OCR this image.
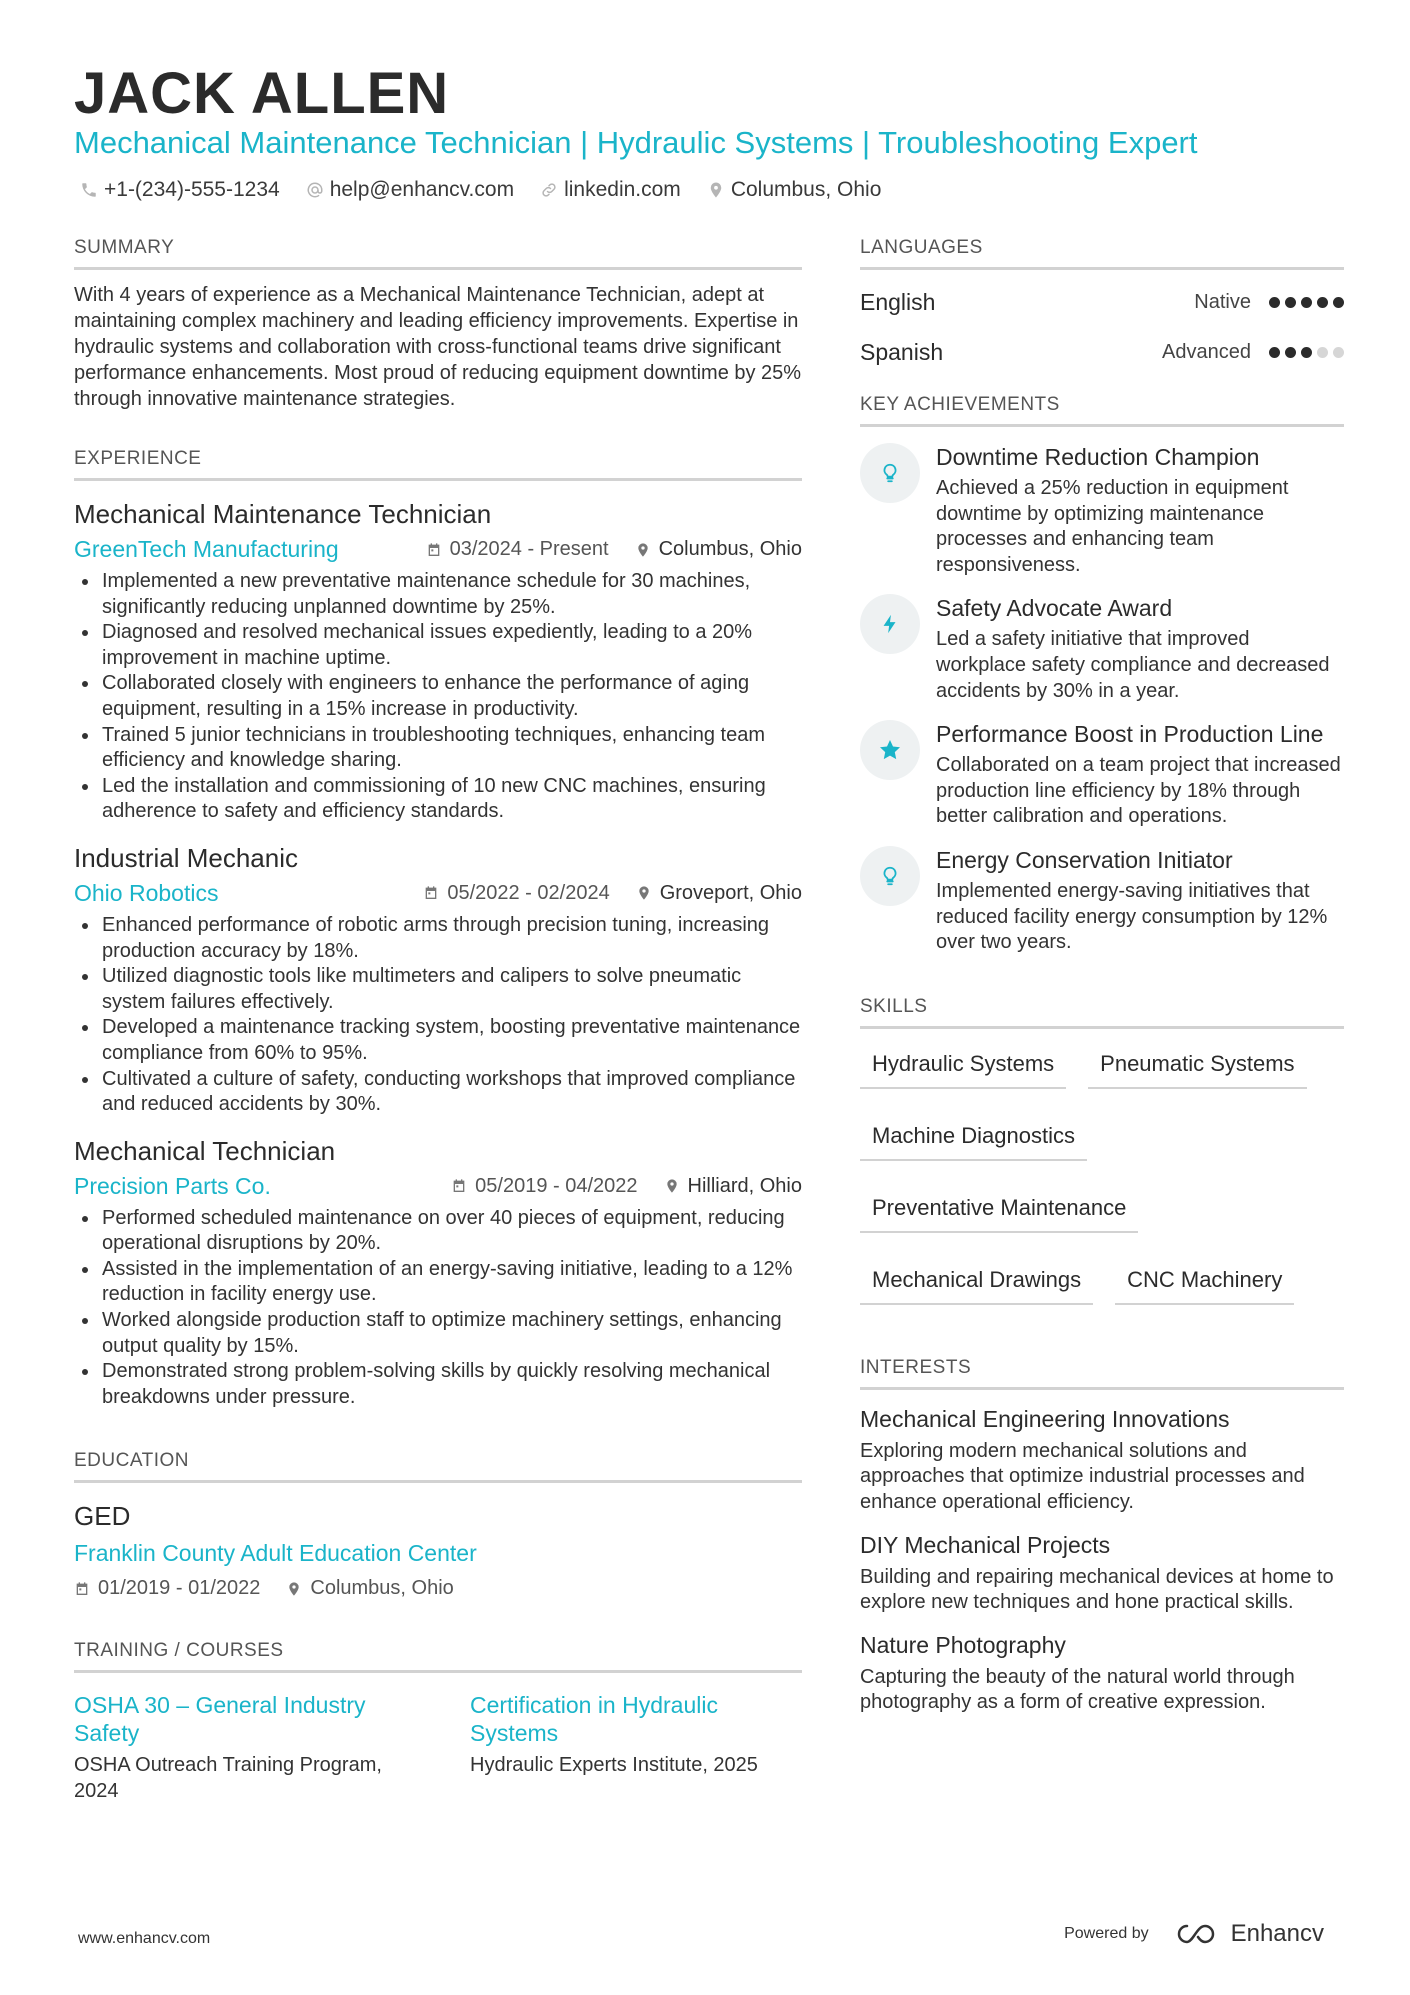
JACK ALLEN
Mechanical Maintenance Technician | Hydraulic Systems | Troubleshooting Expert
+1-(234)-555-1234 help@enhancv.com linkedin.com Columbus, Ohio
SUMMARY
With 4 years of experience as a Mechanical Maintenance Technician, adept at maintaining complex machinery and leading efficiency improvements. Expertise in hydraulic systems and collaboration with cross-functional teams drive significant performance enhancements. Most proud of reducing equipment downtime by 25% through innovative maintenance strategies.
EXPERIENCE
Mechanical Maintenance Technician
GreenTech Manufacturing	03/2024 - Present	Columbus, Ohio
Implemented a new preventative maintenance schedule for 30 machines, significantly reducing unplanned downtime by 25%.
Diagnosed and resolved mechanical issues expediently, leading to a 20% improvement in machine uptime.
Collaborated closely with engineers to enhance the performance of aging equipment, resulting in a 15% increase in productivity.
Trained 5 junior technicians in troubleshooting techniques, enhancing team efficiency and knowledge sharing.
Led the installation and commissioning of 10 new CNC machines, ensuring adherence to safety and efficiency standards.
Industrial Mechanic
Ohio Robotics	05/2022 - 02/2024	Groveport, Ohio
Enhanced performance of robotic arms through precision tuning, increasing production accuracy by 18%.
Utilized diagnostic tools like multimeters and calipers to solve pneumatic system failures effectively.
Developed a maintenance tracking system, boosting preventative maintenance compliance from 60% to 95%.
Cultivated a culture of safety, conducting workshops that improved compliance and reduced accidents by 30%.
Mechanical Technician
Precision Parts Co.	05/2019 - 04/2022	Hilliard, Ohio
Performed scheduled maintenance on over 40 pieces of equipment, reducing operational disruptions by 20%.
Assisted in the implementation of an energy-saving initiative, leading to a 12% reduction in facility energy use.
Worked alongside production staff to optimize machinery settings, enhancing output quality by 15%.
Demonstrated strong problem-solving skills by quickly resolving mechanical breakdowns under pressure.
EDUCATION
GED
Franklin County Adult Education Center
01/2019 - 01/2022	Columbus, Ohio
TRAINING / COURSES
OSHA 30 – General Industry Safety
OSHA Outreach Training Program, 2024
Certification in Hydraulic Systems
Hydraulic Experts Institute, 2025
LANGUAGES
English	Native
Spanish	Advanced
KEY ACHIEVEMENTS
Downtime Reduction Champion
Achieved a 25% reduction in equipment downtime by optimizing maintenance processes and enhancing team responsiveness.
Safety Advocate Award
Led a safety initiative that improved workplace safety compliance and decreased accidents by 30% in a year.
Performance Boost in Production Line
Collaborated on a team project that increased production line efficiency by 18% through better calibration and operations.
Energy Conservation Initiator
Implemented energy-saving initiatives that reduced facility energy consumption by 12% over two years.
SKILLS
Hydraulic Systems	Pneumatic Systems
Machine Diagnostics
Preventative Maintenance
Mechanical Drawings	CNC Machinery
INTERESTS
Mechanical Engineering Innovations
Exploring modern mechanical solutions and approaches that optimize industrial processes and enhance operational efficiency.
DIY Mechanical Projects
Building and repairing mechanical devices at home to explore new techniques and hone practical skills.
Nature Photography
Capturing the beauty of the natural world through photography as a form of creative expression.
www.enhancv.com	Powered by	Enhancv
